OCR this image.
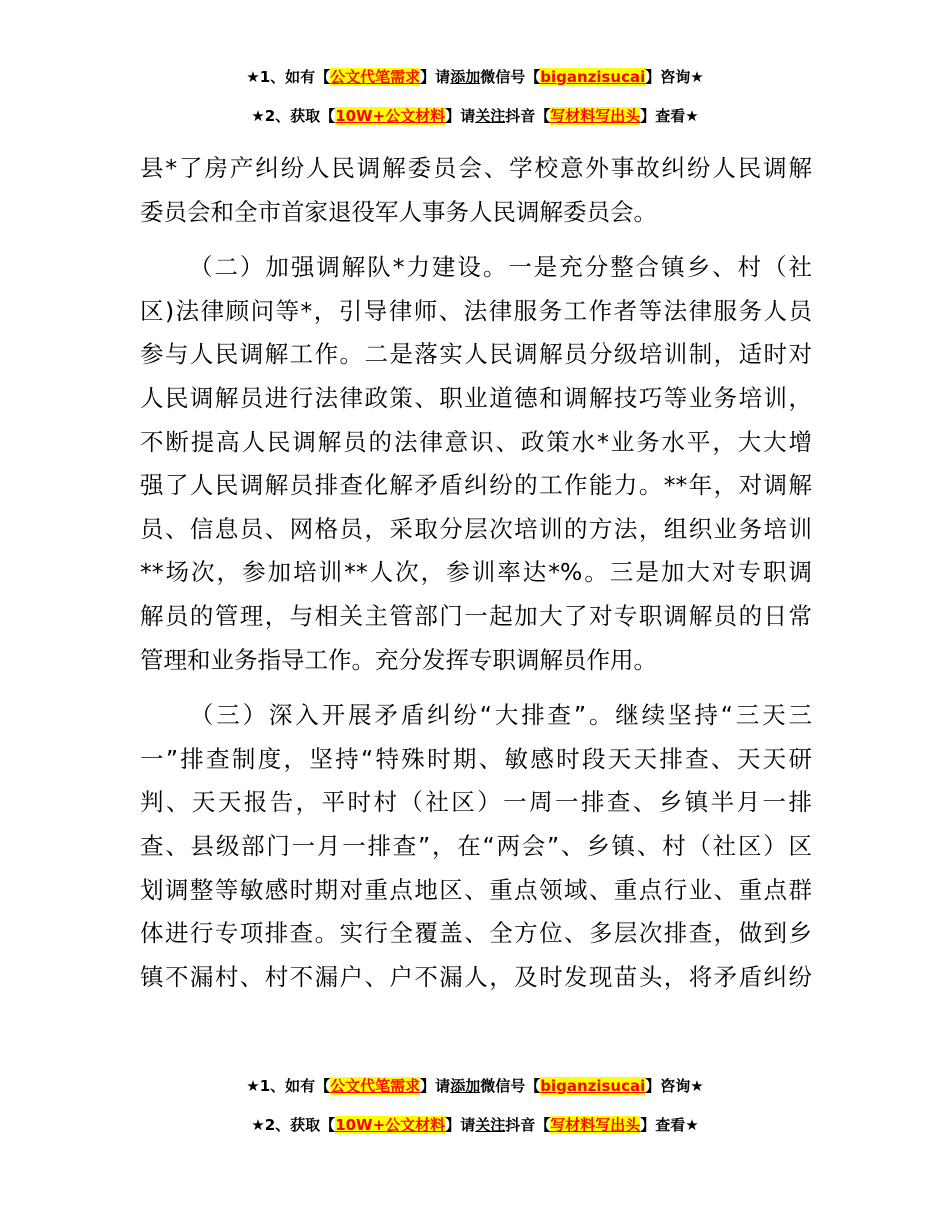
★1、如有【公文代笔需求】请添加微信号【biganzisucai】咨询★
★2、获取【10W+公文材料】请关注抖音【写材料写出头】查看★

县*了房产纠纷人民调解委员会、学校意外事故纠纷人民调解

委员会和全市首家退役军人事务人民调解委员会。

（二）加强调解队*力建设。一是充分整合镇乡、村（社

区)法律顾问等*，引导律师、法律服务工作者等法律服务人员

参与人民调解工作。二是落实人民调解员分级培训制，适时对

人民调解员进行法律政策、职业道德和调解技巧等业务培训，

不断提高人民调解员的法律意识、政策水*业务水平，大大增

强了人民调解员排查化解矛盾纠纷的工作能力。**年，对调解

员、信息员、网格员，采取分层次培训的方法，组织业务培训

**场次，参加培训**人次，参训率达*%。三是加大对专职调

解员的管理，与相关主管部门一起加大了对专职调解员的日常

管理和业务指导工作。充分发挥专职调解员作用。

（三）深入开展矛盾纠纷“大排查”。继续坚持“三天三

一”排查制度，坚持“特殊时期、敏感时段天天排查、天天研

判、天天报告，平时村（社区）一周一排查、乡镇半月一排

查、县级部门一月一排查”，在“两会”、乡镇、村（社区）区

划调整等敏感时期对重点地区、重点领域、重点行业、重点群

体进行专项排查。实行全覆盖、全方位、多层次排查，做到乡

镇不漏村、村不漏户、户不漏人，及时发现苗头，将矛盾纠纷

★1、如有【公文代笔需求】请添加微信号【biganzisucai】咨询★
★2、获取【10W+公文材料】请关注抖音【写材料写出头】查看★
